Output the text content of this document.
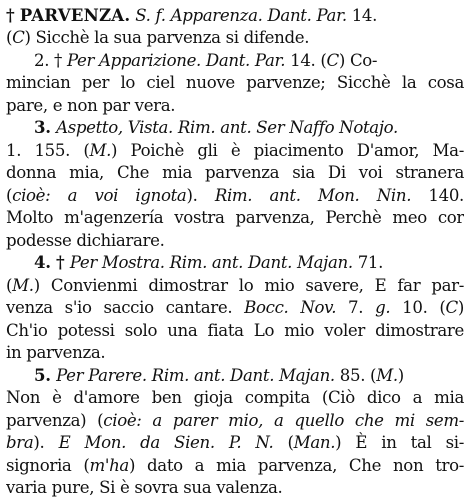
† PARVENZA. S. f. Apparenza. Dant. Par. 14.
(C) Sicchè la sua parvenza si difende.
2. † Per Apparizione. Dant. Par. 14. (C) Co-
mincian per lo ciel nuove parvenze; Sicchè la cosa
pare, e non par vera.
3. Aspetto, Vista. Rim. ant. Ser Naffo Notajo.
1. 155. (M.) Poichè gli è piacimento D'amor, Ma-
donna mia, Che mia parvenza sia Di voi stranera
(cioè: a voi ignota). Rim. ant. Mon. Nin. 140.
Molto m'agenzería vostra parvenza, Perchè meo cor
podesse dichiarare.
4. † Per Mostra. Rim. ant. Dant. Majan. 71.
(M.) Convienmi dimostrar lo mio savere, E far par-
venza s'io saccio cantare. Bocc. Nov. 7. g. 10. (C)
Ch'io potessi solo una fiata Lo mio voler dimostrare
in parvenza.
5. Per Parere. Rim. ant. Dant. Majan. 85. (M.)
Non è d'amore ben gioja compita (Ciò dico a mia
parvenza) (cioè: a parer mio, a quello che mi sem-
bra). E Mon. da Sien. P. N. (Man.) È in tal si-
signoria (m'ha) dato a mia parvenza, Che non tro-
varia pure, Si è sovra sua valenza.
